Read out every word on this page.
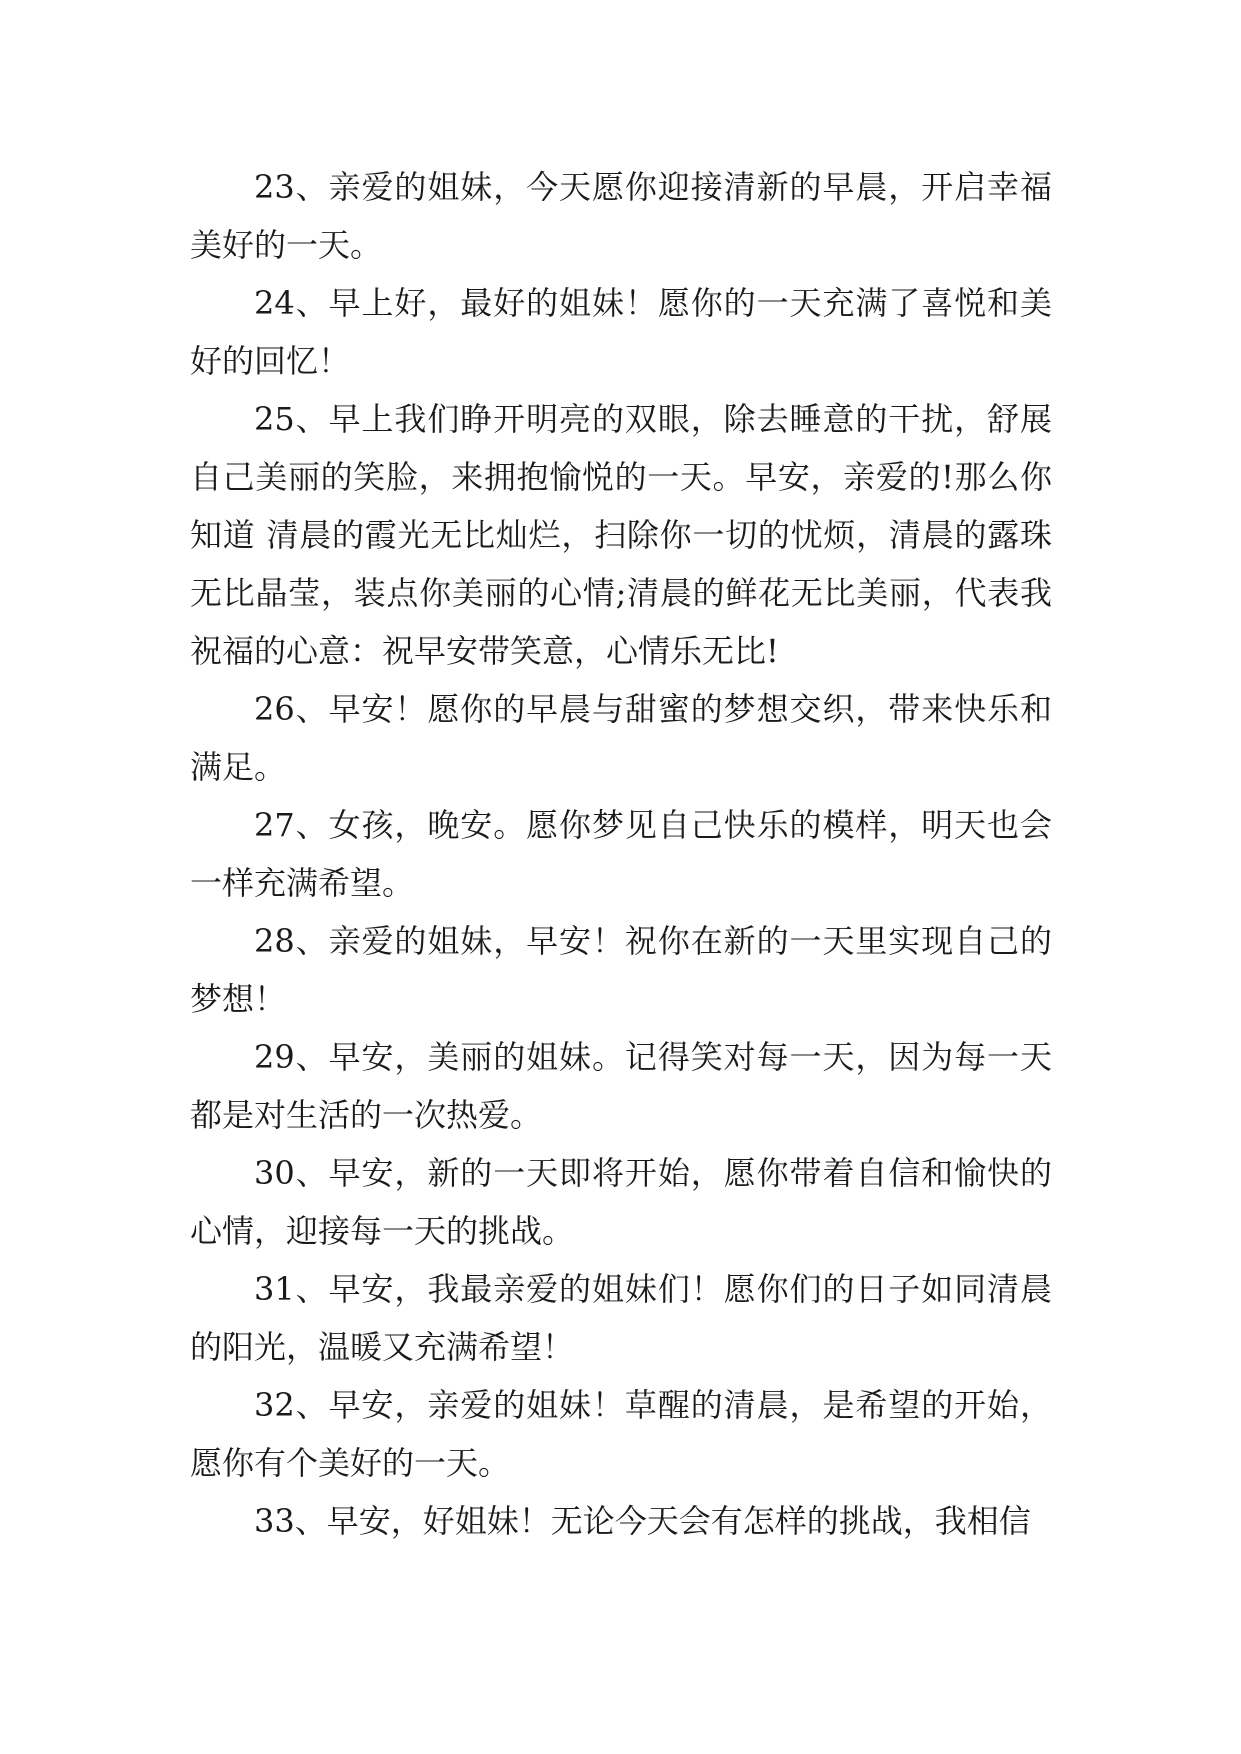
23、亲爱的姐妹，今天愿你迎接清新的早晨，开启幸福美好的一天。

24、早上好，最好的姐妹！愿你的一天充满了喜悦和美好的回忆！

25、早上我们睁开明亮的双眼，除去睡意的干扰，舒展自己美丽的笑脸，来拥抱愉悦的一天。早安，亲爱的!那么你知道 清晨的霞光无比灿烂，扫除你一切的忧烦，清晨的露珠无比晶莹，装点你美丽的心情;清晨的鲜花无比美丽，代表我祝福的心意：祝早安带笑意，心情乐无比!

26、早安！愿你的早晨与甜蜜的梦想交织，带来快乐和满足。

27、女孩，晚安。愿你梦见自己快乐的模样，明天也会一样充满希望。

28、亲爱的姐妹，早安！祝你在新的一天里实现自己的梦想！

29、早安，美丽的姐妹。记得笑对每一天，因为每一天都是对生活的一次热爱。

30、早安，新的一天即将开始，愿你带着自信和愉快的心情，迎接每一天的挑战。

31、早安，我最亲爱的姐妹们！愿你们的日子如同清晨的阳光，温暖又充满希望！

32、早安，亲爱的姐妹！草醒的清晨，是希望的开始，愿你有个美好的一天。

33、早安，好姐妹！无论今天会有怎样的挑战，我相信
